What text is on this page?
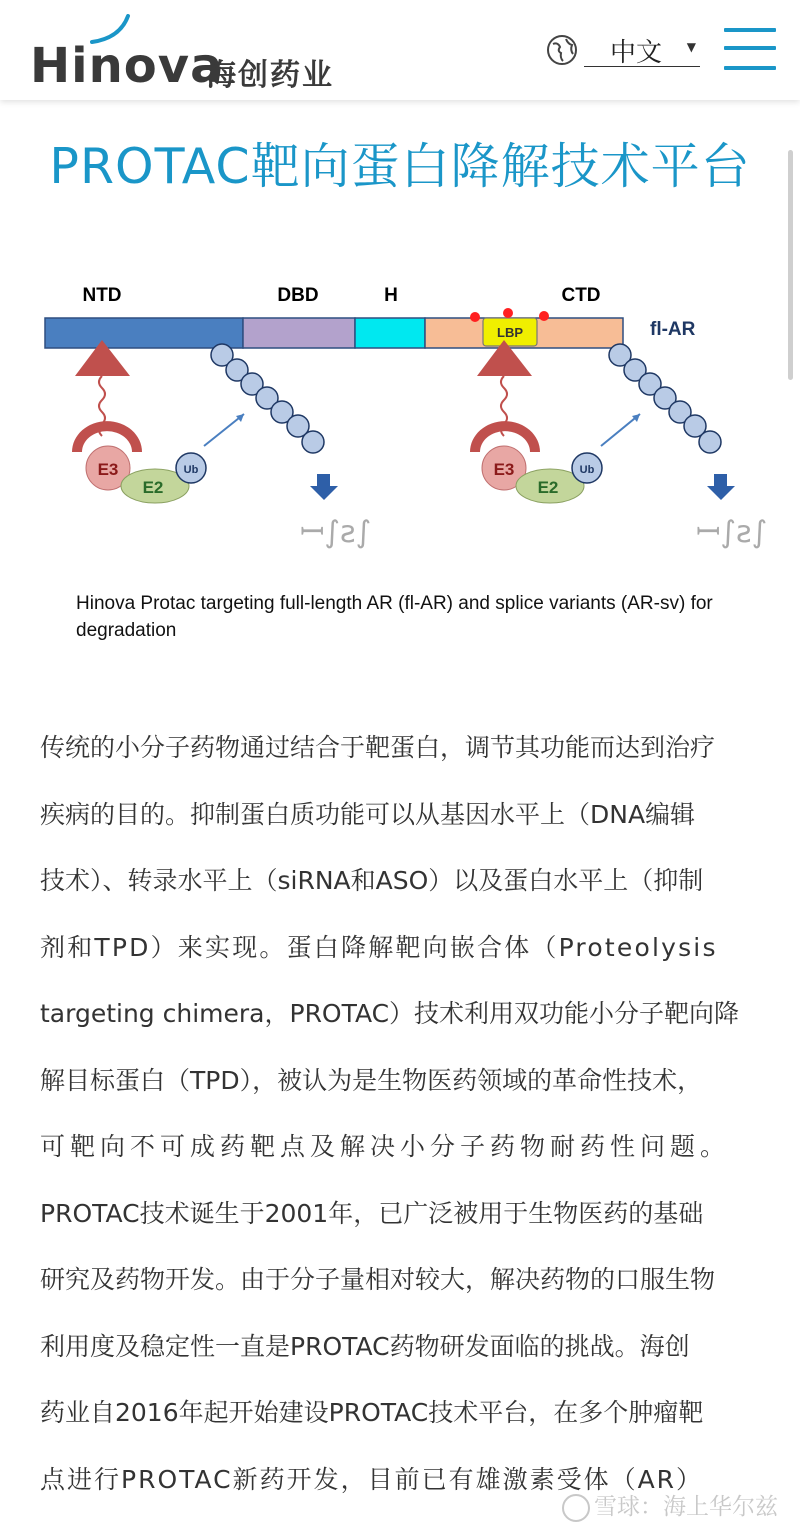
Hinova
海创药业
中文 ▼
PROTAC靶向蛋白降解技术平台
NTD	DBD	H	CTD
LBP	fl-AR
E3
E2
Ub
ꟷ∫ƨ∫
E3
E2
Ub
ꟷ∫ƨ∫
Hinova Protac targeting full-length AR (fl-AR) and splice variants (AR-sv) for degradation
传统的小分子药物通过结合于靶蛋白，调节其功能而达到治疗
疾病的目的。抑制蛋白质功能可以从基因水平上（DNA编辑
技术）、转录水平上（siRNA和ASO）以及蛋白水平上（抑制
剂和TPD）来实现。蛋白降解靶向嵌合体（Proteolysis
targeting chimera，PROTAC）技术利用双功能小分子靶向降
解目标蛋白（TPD），被认为是生物医药领域的革命性技术，
可靶向不可成药靶点及解决小分子药物耐药性问题。
PROTAC技术诞生于2001年，已广泛被用于生物医药的基础
研究及药物开发。由于分子量相对较大，解决药物的口服生物
利用度及稳定性一直是PROTAC药物研发面临的挑战。海创
药业自2016年起开始建设PROTAC技术平台，在多个肿瘤靶
点进行PROTAC新药开发，目前已有雄激素受体（AR）
雪球：海上华尔兹
